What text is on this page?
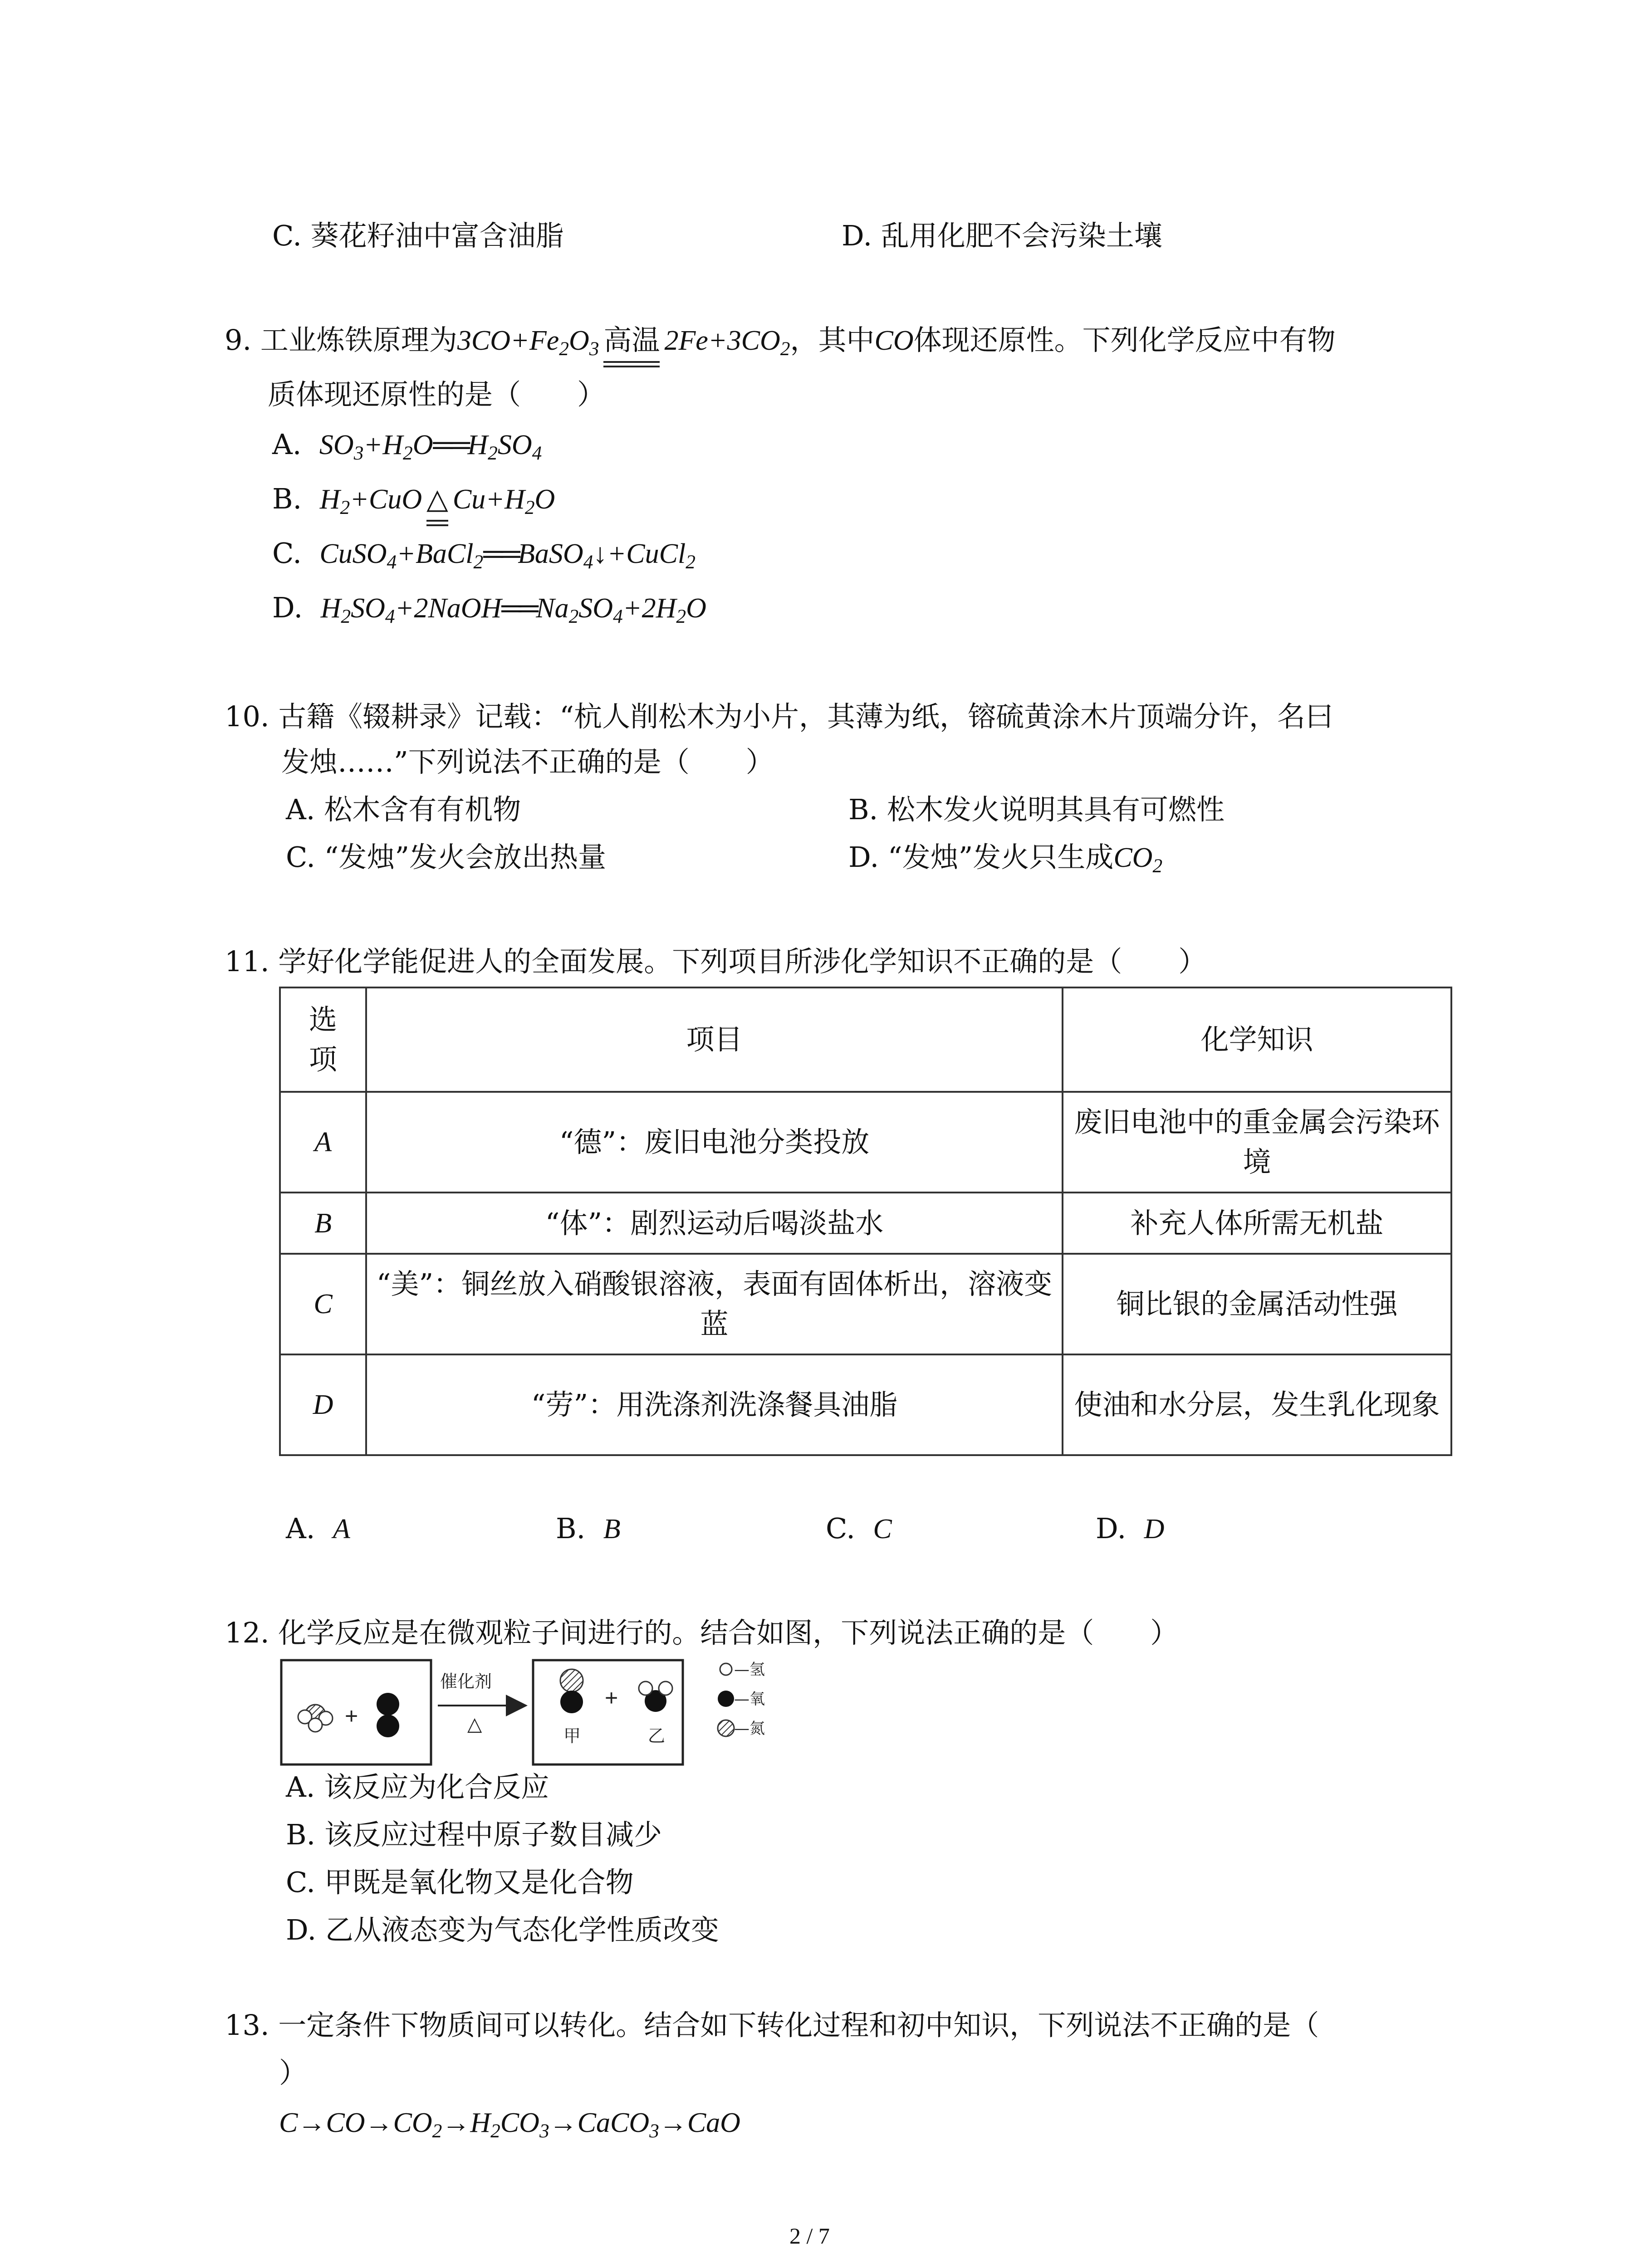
C. 葵花籽油中富含油脂	D. 乱用化肥不会污染土壤
9. 工业炼铁原理为$3CO+Fe_2O_3$ 高温 $2Fe+3CO_2$，其中CO体现还原性。下列化学反应中有物
质体现还原性的是（　　）
A. $SO_3+H_2O$ ══ $H_2SO_4$
B. $H_2+CuO$ △ $Cu+H_2O$
C. CuSO$_4$+BaCl$_2$ ══ BaSO$_4$↓+CuCl$_2$
D. $H_2SO_4+2NaOH$ ══ $Na_2SO_4+2H_2O$
10. 古籍《辍耕录》记载：“杭人削松木为小片，其薄为纸，镕硫黄涂木片顶端分许，名曰
发烛……”下列说法不正确的是（　　）
A. 松木含有有机物	B. 松木发火说明其具有可燃性
C. “发烛”发火会放出热量	D. “发烛”发火只生成$CO_2$
11. 学好化学能促进人的全面发展。下列项目所涉化学知识不正确的是（　　）
选项	项目	化学知识
A	“德”：废旧电池分类投放	废旧电池中的重金属会污染环境
B	“体”：剧烈运动后喝淡盐水	补充人体所需无机盐
C	“美”：铜丝放入硝酸银溶液，表面有固体析出，溶液变蓝	铜比银的金属活动性强
D	“劳”：用洗涤剂洗涤餐具油脂	使油和水分层，发生乳化现象
A. A	B. B	C. C	D. D
12. 化学反应是在微观粒子间进行的。结合如图，下列说法正确的是（　　）
+
催化剂
△
甲
+
乙
—氢
—氧
—氮
A. 该反应为化合反应
B. 该反应过程中原子数目减少
C. 甲既是氧化物又是化合物
D. 乙从液态变为气态化学性质改变
13. 一定条件下物质间可以转化。结合如下转化过程和初中知识，下列说法不正确的是（
）
$C\to CO\to CO_2\to H_2CO_3\to CaCO_3\to CaO$
2 / 7
